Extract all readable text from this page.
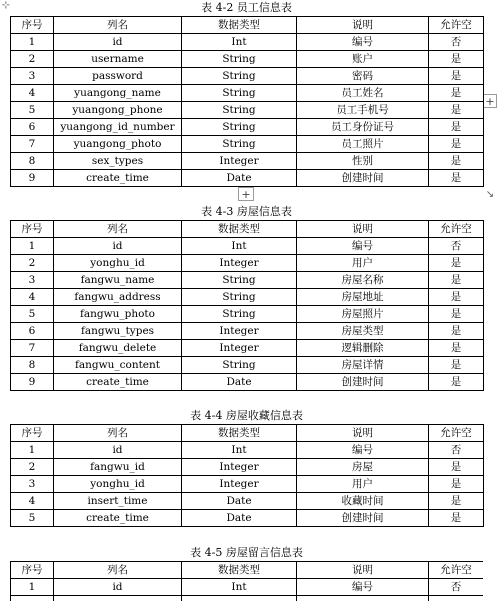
⊹
+
+	↘
表 4-2 员工信息表
序号	列名	数据类型	说明	允许空
1	id	Int	编号	否
2	username	String	账户	是
3	password	String	密码	是
4	yuangong_name	String	员工姓名	是
5	yuangong_phone	String	员工手机号	是
6	yuangong_id_number	String	员工身份证号	是
7	yuangong_photo	String	员工照片	是
8	sex_types	Integer	性别	是
9	create_time	Date	创建时间	是
表 4-3 房屋信息表
序号	列名	数据类型	说明	允许空
1	id	Int	编号	否
2	yonghu_id	Integer	用户	是
3	fangwu_name	String	房屋名称	是
4	fangwu_address	String	房屋地址	是
5	fangwu_photo	String	房屋照片	是
6	fangwu_types	Integer	房屋类型	是
7	fangwu_delete	Integer	逻辑删除	是
8	fangwu_content	String	房屋详情	是
9	create_time	Date	创建时间	是
表 4-4 房屋收藏信息表
序号	列名	数据类型	说明	允许空
1	id	Int	编号	否
2	fangwu_id	Integer	房屋	是
3	yonghu_id	Integer	用户	是
4	insert_time	Date	收藏时间	是
5	create_time	Date	创建时间	是
表 4-5 房屋留言信息表
序号	列名	数据类型	说明	允许空
1	id	Int	编号	否
